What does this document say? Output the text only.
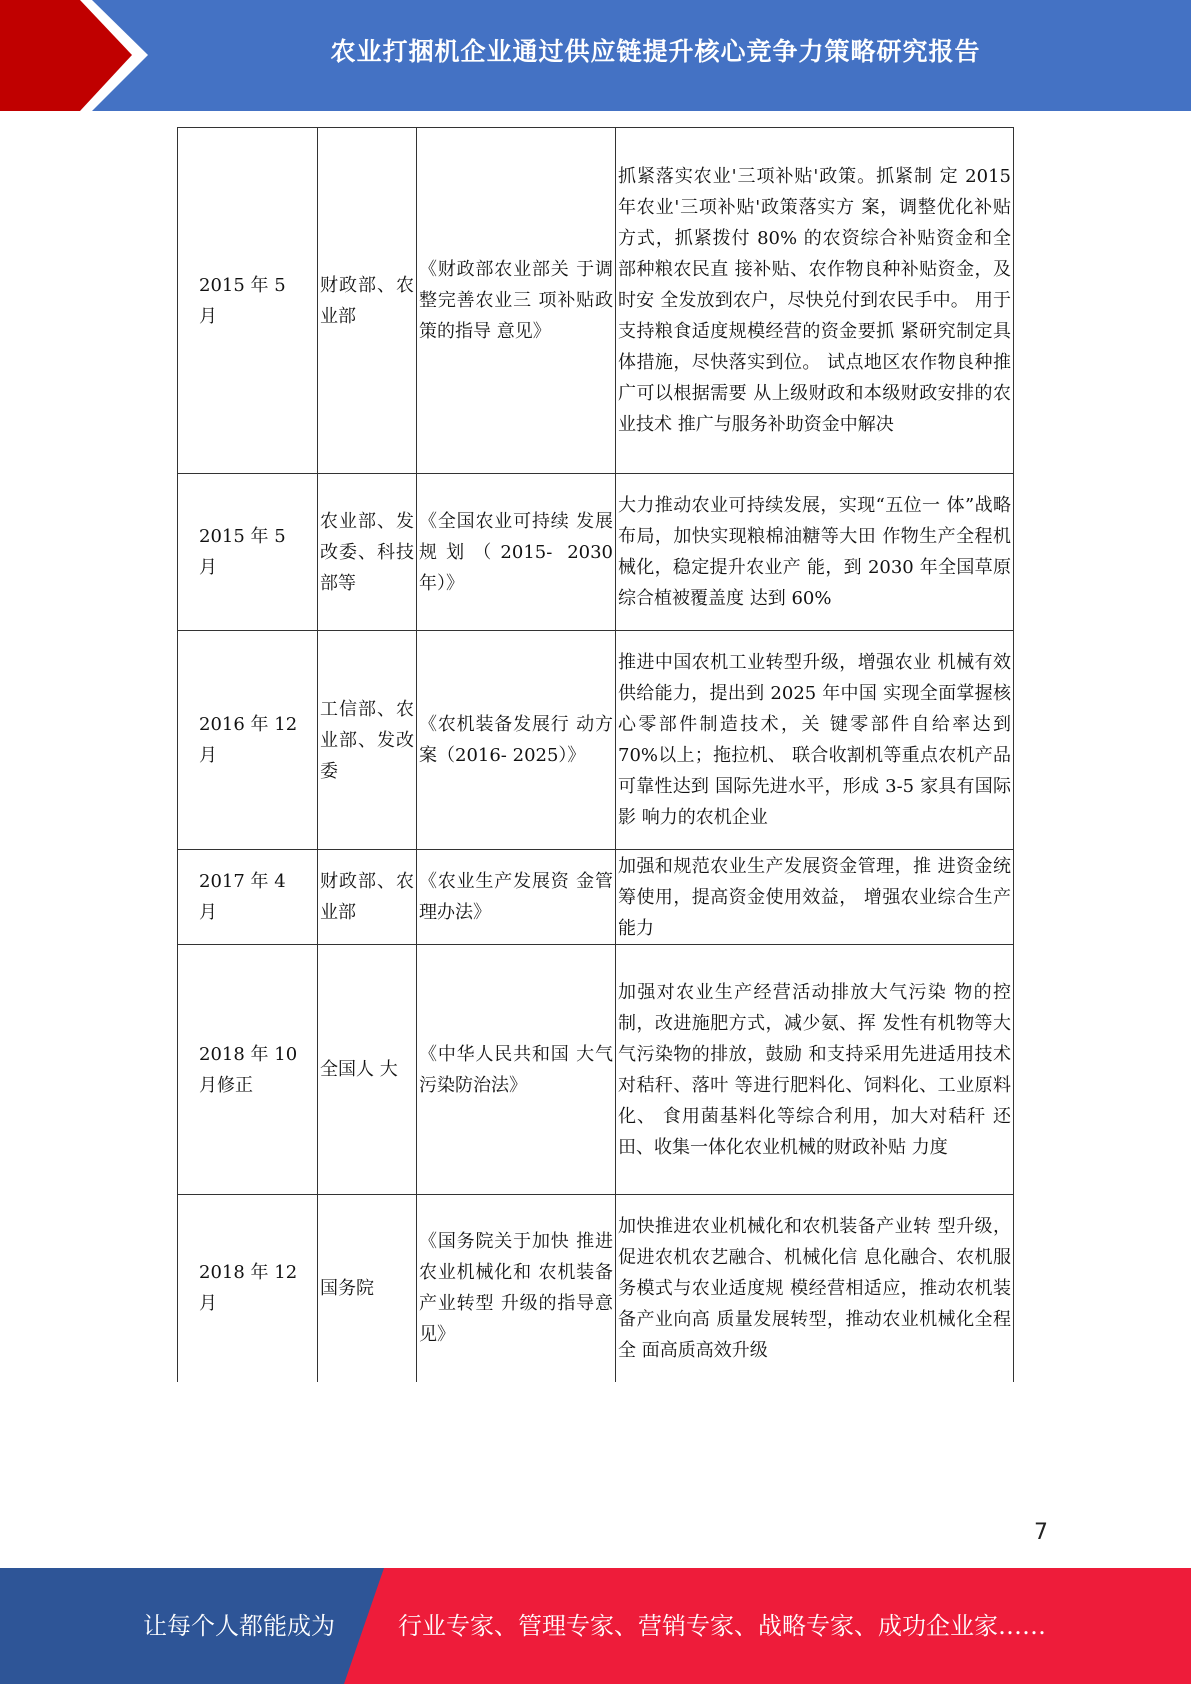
农业打捆机企业通过供应链提升核心竞争力策略研究报告
2015 年 5 月	财政部、农业部	《财政部农业部关 于调整完善农业三 项补贴政策的指导 意见》	抓紧落实农业'三项补贴'政策。抓紧制 定 2015 年农业'三项补贴'政策落实方 案，调整优化补贴方式，抓紧拨付 80% 的农资综合补贴资金和全部种粮农民直 接补贴、农作物良种补贴资金，及时安 全发放到农户，尽快兑付到农民手中。 用于支持粮食适度规模经营的资金要抓 紧研究制定具体措施，尽快落实到位。 试点地区农作物良种推广可以根据需要 从上级财政和本级财政安排的农业技术 推广与服务补助资金中解决
2015 年 5 月	农业部、发改委、科技部等	《全国农业可持续 发展规划（2015- 2030 年）》	大力推动农业可持续发展，实现“五位一 体”战略布局，加快实现粮棉油糖等大田 作物生产全程机械化，稳定提升农业产 能，到 2030 年全国草原综合植被覆盖度 达到 60%
2016 年 12 月	工信部、农业部、发改委	《农机装备发展行 动方案（2016- 2025）》	推进中国农机工业转型升级，增强农业 机械有效供给能力，提出到 2025 年中国 实现全面掌握核心零部件制造技术，关 键零部件自给率达到 70%以上；拖拉机、 联合收割机等重点农机产品可靠性达到 国际先进水平，形成 3-5 家具有国际影 响力的农机企业
2017 年 4 月	财政部、农业部	《农业生产发展资 金管理办法》	加强和规范农业生产发展资金管理，推 进资金统筹使用，提高资金使用效益， 增强农业综合生产能力
2018 年 10 月修正	全国人 大	《中华人民共和国 大气污染防治法》	加强对农业生产经营活动排放大气污染 物的控制，改进施肥方式，减少氨、挥 发性有机物等大气污染物的排放，鼓励 和支持采用先进适用技术对秸秆、落叶 等进行肥料化、饲料化、工业原料化、 食用菌基料化等综合利用，加大对秸秆 还田、收集一体化农业机械的财政补贴 力度
2018 年 12 月	国务院	《国务院关于加快 推进农业机械化和 农机装备产业转型 升级的指导意见》	加快推进农业机械化和农机装备产业转 型升级，促进农机农艺融合、机械化信 息化融合、农机服务模式与农业适度规 模经营相适应，推动农机装备产业向高 质量发展转型，推动农业机械化全程全 面高质高效升级
7
让每个人都能成为	行业专家、管理专家、营销专家、战略专家、成功企业家……
